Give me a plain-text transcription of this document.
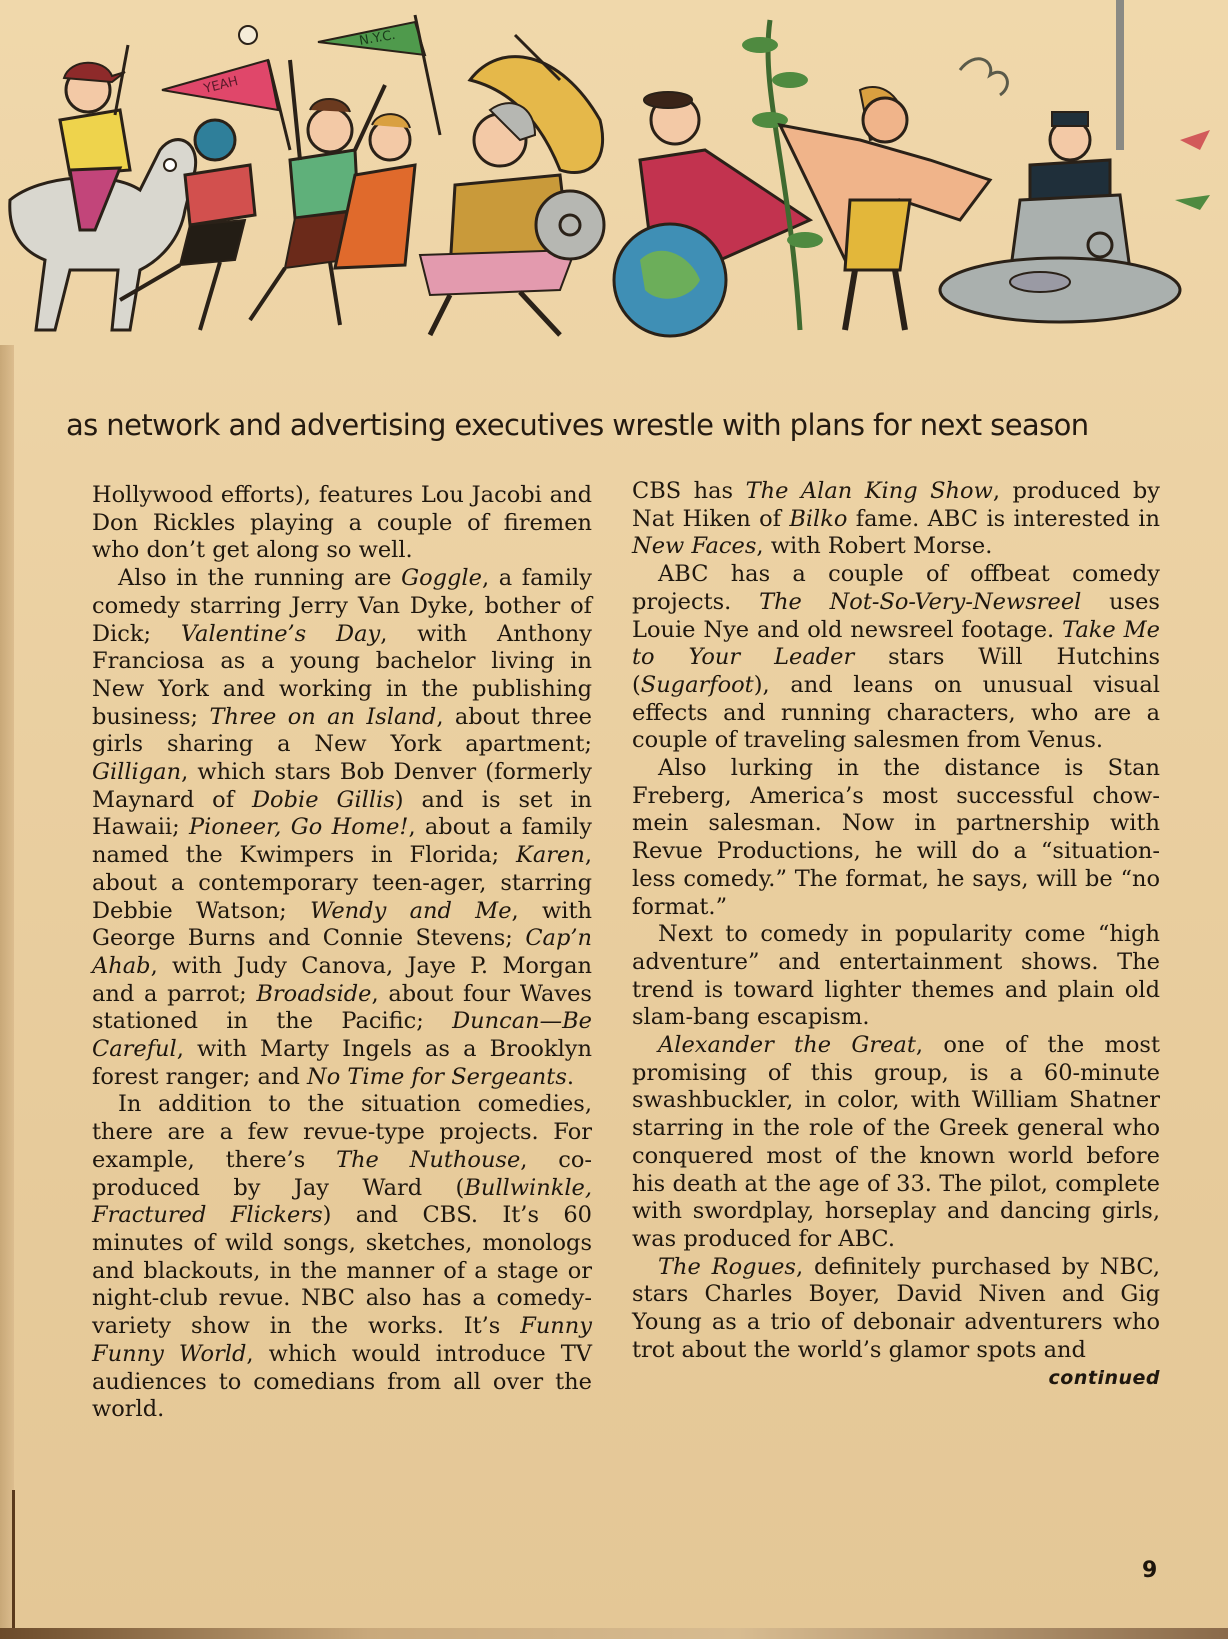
YEAH
N.Y.C.
as network and advertising executives wrestle with plans for next season

Hollywood efforts), features Lou Jacobi and Don Rickles playing a couple of firemen who don’t get along so well.

Also in the running are Goggle, a family comedy starring Jerry Van Dyke, bother of Dick; Valentine’s Day, with Anthony Franciosa as a young bachelor living in New York and working in the publishing business; Three on an Island, about three girls sharing a New York apartment; Gilligan, which stars Bob Denver (formerly Maynard of Dobie Gillis) and is set in Hawaii; Pioneer, Go Home!, about a family named the Kwimpers in Florida; Karen, about a contemporary teen-ager, starring Debbie Watson; Wendy and Me, with George Burns and Connie Stevens; Cap’n Ahab, with Judy Canova, Jaye P. Morgan and a parrot; Broadside, about four Waves stationed in the Pacific; Duncan—Be Careful, with Marty Ingels as a Brooklyn forest ranger; and No Time for Sergeants.

In addition to the situation comedies, there are a few revue-type projects. For example, there’s The Nuthouse, co-produced by Jay Ward (Bullwinkle, Fractured Flickers) and CBS. It’s 60 minutes of wild songs, sketches, monologs and blackouts, in the manner of a stage or night-club revue. NBC also has a comedy-variety show in the works. It’s Funny Funny World, which would introduce TV audiences to comedians from all over the world.

CBS has The Alan King Show, produced by Nat Hiken of Bilko fame. ABC is interested in New Faces, with Robert Morse.

ABC has a couple of offbeat comedy projects. The Not-So-Very-Newsreel uses Louie Nye and old newsreel footage. Take Me to Your Leader stars Will Hutchins (Sugarfoot), and leans on unusual visual effects and running characters, who are a couple of traveling salesmen from Venus.

Also lurking in the distance is Stan Freberg, America’s most successful chow-mein salesman. Now in partnership with Revue Productions, he will do a “situation-less comedy.” The format, he says, will be “no format.”

Next to comedy in popularity come “high adventure” and entertainment shows. The trend is toward lighter themes and plain old slam-bang escapism.

Alexander the Great, one of the most promising of this group, is a 60-minute swashbuckler, in color, with William Shatner starring in the role of the Greek general who conquered most of the known world before his death at the age of 33. The pilot, complete with swordplay, horseplay and dancing girls, was produced for ABC.

The Rogues, definitely purchased by NBC, stars Charles Boyer, David Niven and Gig Young as a trio of debonair adventurers who trot about the world’s glamor spots and
continued

9
